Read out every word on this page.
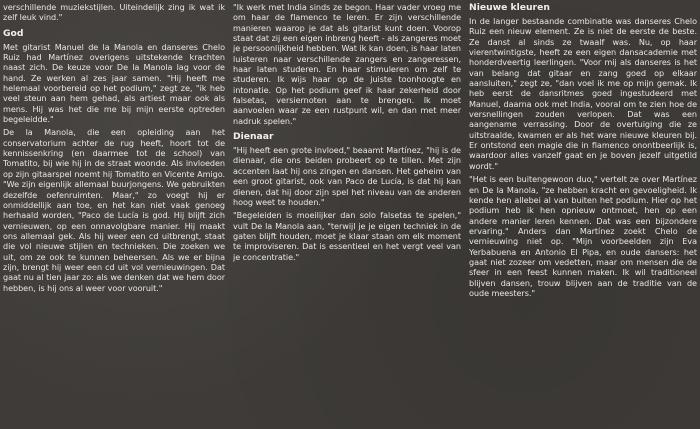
verschillende muziekstijlen. Uiteindelijk zing ik wat ik zelf leuk vind."

God

Met gitarist Manuel de la Manola en danseres Chelo Ruiz had Martínez overigens uitstekende krachten naast zich. De keuze voor De la Manola lag voor de hand. Ze werken al zes jaar samen. "Hij heeft me helemaal voorbereid op het podium," zegt ze, "ik heb veel steun aan hem gehad, als artiest maar ook als mens. Hij was het die me bij mijn eerste optreden begeleidde."

De la Manola, die een opleiding aan het conservatorium achter de rug heeft, hoort tot de kennissenkring (en daarmee tot de school) van Tomatito, bij wie hij in de straat woonde. Als invloeden op zijn gitaarspel noemt hij Tomatito en Vicente Amigo. "We zijn eigenlijk allemaal buurjongens. We gebruikten dezelfde oefenruimten. Maar," zo voegt hij er onmiddellijk aan toe, en het kan niet vaak genoeg herhaald worden, "Paco de Lucía is god. Hij blijft zich vernieuwen, op een onnavolgbare manier. Hij maakt ons allemaal gek. Als hij weer een cd uitbrengt, staat die vol nieuwe stijlen en technieken. Die zoeken we uit, om ze ook te kunnen beheersen. Als we er bijna zijn, brengt hij weer een cd uit vol vernieuwingen. Dat gaat nu al tien jaar zo: als we denken dat we hem door hebben, is hij ons al weer voor vooruit."

"Ik werk met India sinds ze begon. Haar vader vroeg me om haar de flamenco te leren. Er zijn verschillende manieren waarop je dat als gitarist kunt doen. Voorop staat dat zij een eigen inbreng heeft - als zangeres moet je persoonlijkheid hebben. Wat ik kan doen, is haar laten luisteren naar verschillende zangers en zangeressen, haar laten studeren. En haar stimuleren om zelf te studeren. Ik wijs haar op de juiste toonhoogte en intonatie. Op het podium geef ik haar zekerheid door falsetas, versiernoten aan te brengen. Ik moet aanvoelen waar ze een rustpunt wil, en dan met meer nadruk spelen."

Dienaar

"Hij heeft een grote invloed," beaamt Martínez, "hij is de dienaar, die ons beiden probeert op te tillen. Met zijn accenten laat hij ons zingen en dansen. Het geheim van een groot gitarist, ook van Paco de Lucía, is dat hij kan dienen, dat hij door zijn spel het niveau van de anderen hoog weet te houden."

"Begeleiden is moeilijker dan solo falsetas te spelen," vult De la Manola aan, "terwijl je je eigen techniek in de gaten blijft houden, moet je klaar staan om elk moment te improviseren. Dat is essentieel en het vergt veel van je concentratie."

Nieuwe kleuren

In de langer bestaande combinatie was danseres Chelo Ruiz een nieuw element. Ze is niet de eerste de beste. Ze danst al sinds ze twaalf was. Nu, op haar vierentwintigste, heeft ze een eigen dansacademie met honderdveertig leerlingen. "Voor mij als danseres is het van belang dat gitaar en zang goed op elkaar aansluiten," zegt ze, "dan voel ik me op mijn gemak. Ik heb eerst de dansritmes goed ingestudeerd met Manuel, daarna ook met India, vooral om te zien hoe de versnellingen zouden verlopen. Dat was een aangename verrassing. Door de overtuiging die ze uitstraalde, kwamen er als het ware nieuwe kleuren bij. Er ontstond een magie die in flamenco onontbeerlijk is, waardoor alles vanzelf gaat en je boven jezelf uitgetild wordt."

"Het is een buitengewoon duo," vertelt ze over Martínez en De la Manola, "ze hebben kracht en gevoeligheid. Ik kende hen allebei al van buiten het podium. Hier op het podium heb ik hen opnieuw ontmoet, hen op een andere manier leren kennen. Dat was een bijzondere ervaring." Anders dan Martínez zoekt Chelo de vernieuwing niet op. "Mijn voorbeelden zijn Eva Yerbabuena en Antonio El Pipa, en oude dansers: het gaat niet zozeer om vedetten, maar om mensen die de sfeer in een feest kunnen maken. Ik wil traditioneel blijven dansen, trouw blijven aan de traditie van de oude meesters."
